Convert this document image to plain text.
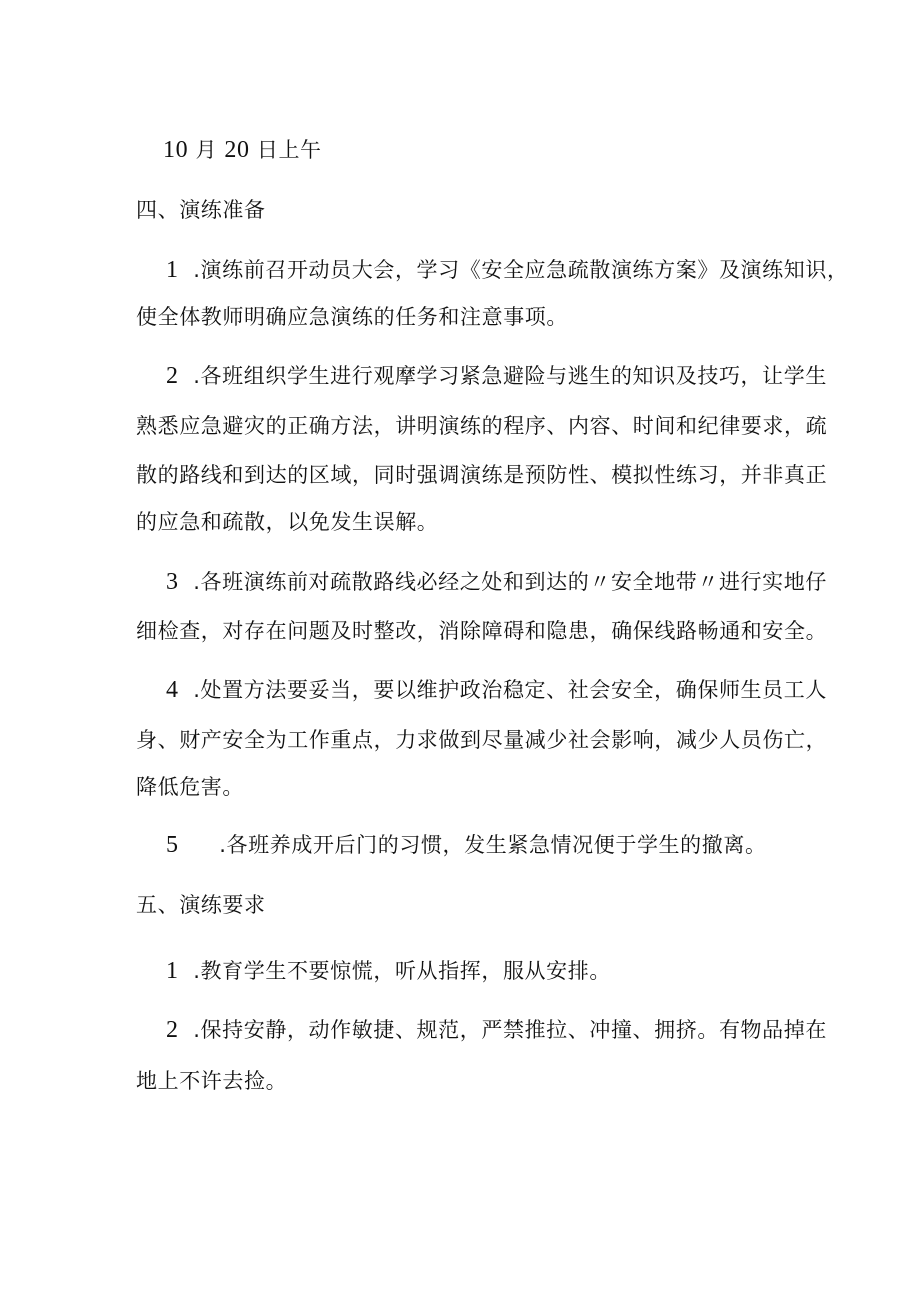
10 月 20 日上午
四、演练准备
1 .演练前召开动员大会，学习《安全应急疏散演练方案》及演练知识，
使全体教师明确应急演练的任务和注意事项。
2 .各班组织学生进行观摩学习紧急避险与逃生的知识及技巧，让学生
熟悉应急避灾的正确方法，讲明演练的程序、内容、时间和纪律要求，疏
散的路线和到达的区域，同时强调演练是预防性、模拟性练习，并非真正
的应急和疏散，以免发生误解。
3 .各班演练前对疏散路线必经之处和到达的〃安全地带〃进行实地仔
细检查，对存在问题及时整改，消除障碍和隐患，确保线路畅通和安全。
4 .处置方法要妥当，要以维护政治稳定、社会安全，确保师生员工人
身、财产安全为工作重点，力求做到尽量减少社会影响，减少人员伤亡，
降低危害。
5 .各班养成开后门的习惯，发生紧急情况便于学生的撤离。
五、演练要求
1 .教育学生不要惊慌，听从指挥，服从安排。
2 .保持安静，动作敏捷、规范，严禁推拉、冲撞、拥挤。有物品掉在
地上不许去捡。
